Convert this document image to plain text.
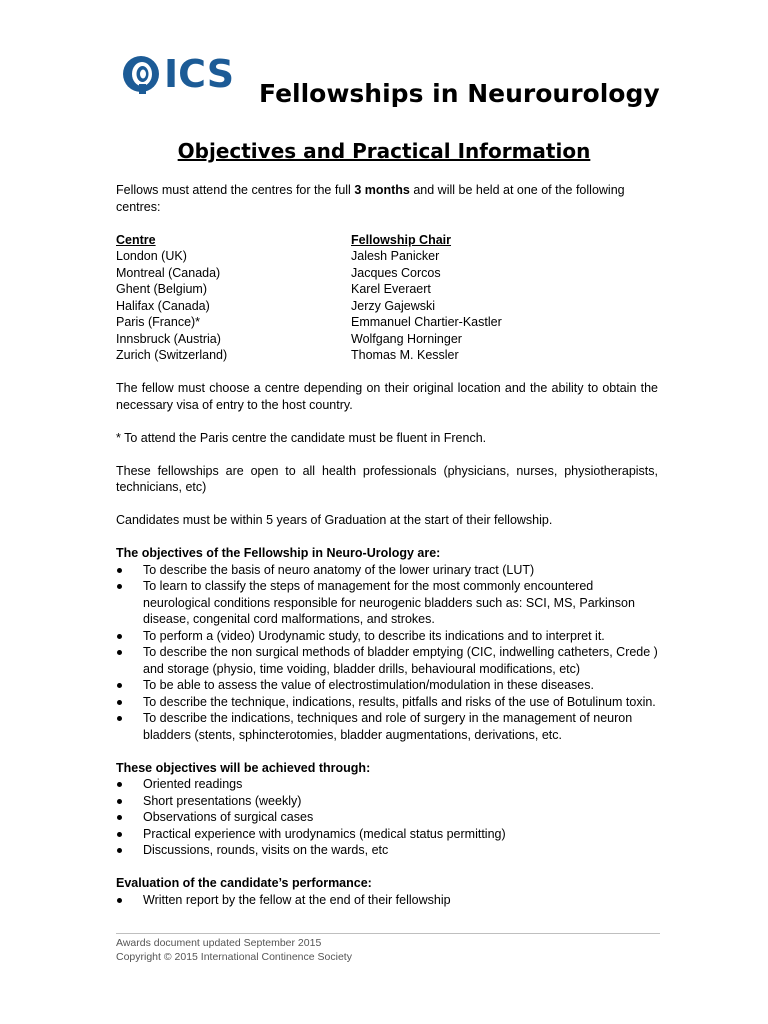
ICS Fellowships in Neurourology
Objectives and Practical Information

Fellows must attend the centres for the full 3 months and will be held at one of the following centres:

Centre	Fellowship Chair
London (UK)	Jalesh Panicker
Montreal (Canada)	Jacques Corcos
Ghent (Belgium)	Karel Everaert
Halifax (Canada)	Jerzy Gajewski
Paris (France)*	Emmanuel Chartier-Kastler
Innsbruck (Austria)	Wolfgang Horninger
Zurich (Switzerland)	Thomas M. Kessler

The fellow must choose a centre depending on their original location and the ability to obtain the necessary visa of entry to the host country.

* To attend the Paris centre the candidate must be fluent in French.

These fellowships are open to all health professionals (physicians, nurses, physiotherapists, technicians, etc)

Candidates must be within 5 years of Graduation at the start of their fellowship.

The objectives of the Fellowship in Neuro-Urology are:

To describe the basis of neuro anatomy of the lower urinary tract (LUT)
To learn to classify the steps of management for the most commonly encountered neurological conditions responsible for neurogenic bladders such as: SCI, MS, Parkinson disease, congenital cord malformations, and strokes.
To perform a (video) Urodynamic study, to describe its indications and to interpret it.
To describe the non surgical methods of bladder emptying (CIC, indwelling catheters, Crede ) and storage (physio, time voiding, bladder drills, behavioural modifications, etc)
To be able to assess the value of electrostimulation/modulation in these diseases.
To describe the technique, indications, results, pitfalls and risks of the use of Botulinum toxin.
To describe the indications, techniques and role of surgery in the management of neuron bladders (stents, sphincterotomies, bladder augmentations, derivations, etc.

These objectives will be achieved through:

Oriented readings
Short presentations (weekly)
Observations of surgical cases
Practical experience with urodynamics (medical status permitting)
Discussions, rounds, visits on the wards, etc

Evaluation of the candidate’s performance:

Written report by the fellow at the end of their fellowship
Awards document updated September 2015
Copyright © 2015 International Continence Society
